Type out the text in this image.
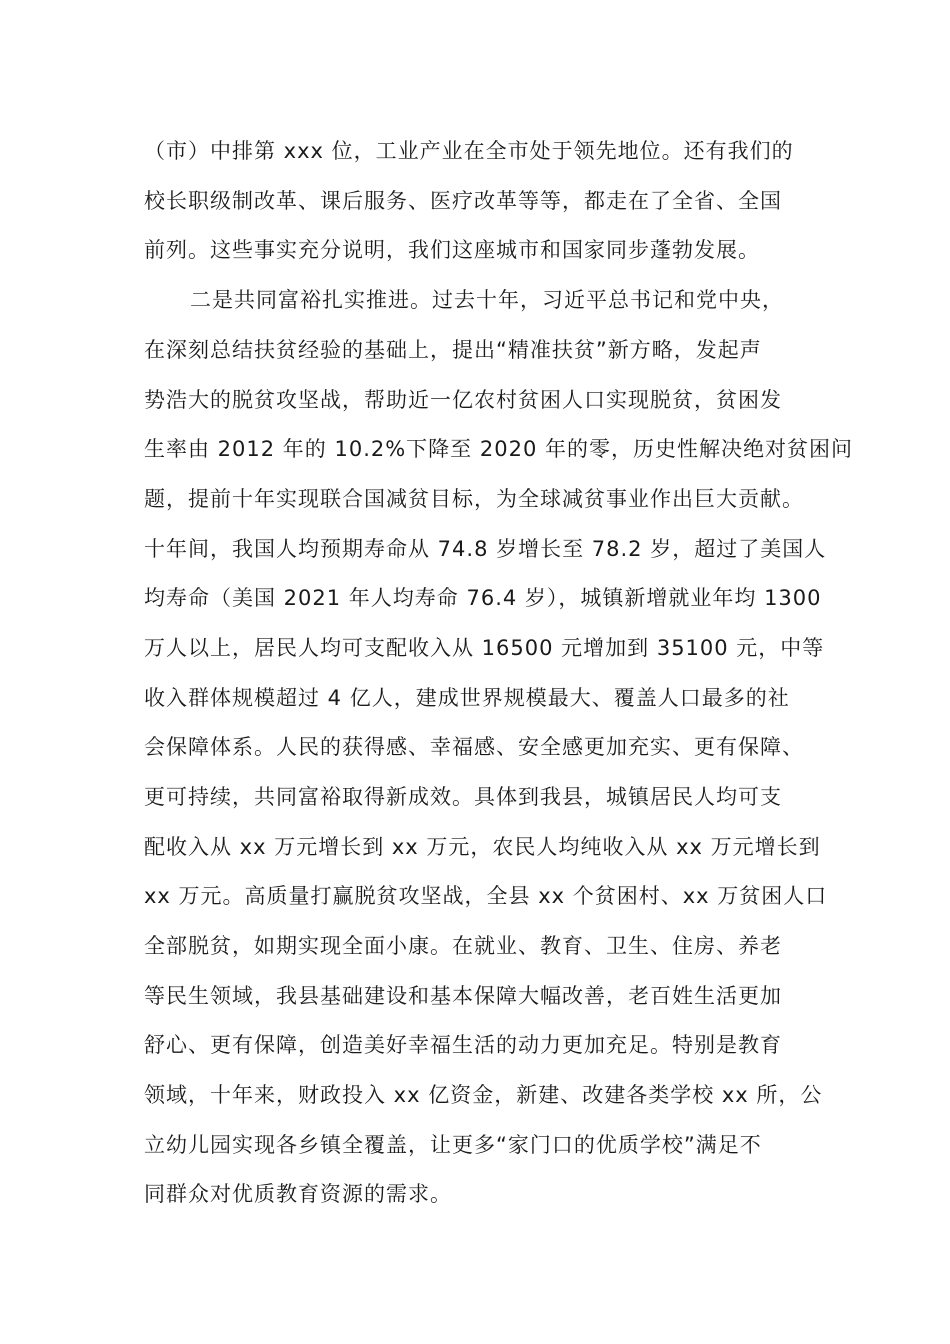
（市）中排第 xxx 位，工业产业在全市处于领先地位。还有我们的

校长职级制改革、课后服务、医疗改革等等，都走在了全省、全国

前列。这些事实充分说明，我们这座城市和国家同步蓬勃发展。

二是共同富裕扎实推进。过去十年，习近平总书记和党中央，

在深刻总结扶贫经验的基础上，提出“精准扶贫”新方略，发起声

势浩大的脱贫攻坚战，帮助近一亿农村贫困人口实现脱贫，贫困发

生率由 2012 年的 10.2%下降至 2020 年的零，历史性解决绝对贫困问

题，提前十年实现联合国减贫目标，为全球减贫事业作出巨大贡献。

十年间，我国人均预期寿命从 74.8 岁增长至 78.2 岁，超过了美国人

均寿命（美国 2021 年人均寿命 76.4 岁），城镇新增就业年均 1300

万人以上，居民人均可支配收入从 16500 元增加到 35100 元，中等

收入群体规模超过 4 亿人，建成世界规模最大、覆盖人口最多的社

会保障体系。人民的获得感、幸福感、安全感更加充实、更有保障、

更可持续，共同富裕取得新成效。具体到我县，城镇居民人均可支

配收入从 xx 万元增长到 xx 万元，农民人均纯收入从 xx 万元增长到

xx 万元。高质量打赢脱贫攻坚战，全县 xx 个贫困村、xx 万贫困人口

全部脱贫，如期实现全面小康。在就业、教育、卫生、住房、养老

等民生领域，我县基础建设和基本保障大幅改善，老百姓生活更加

舒心、更有保障，创造美好幸福生活的动力更加充足。特别是教育

领域，十年来，财政投入 xx 亿资金，新建、改建各类学校 xx 所，公

立幼儿园实现各乡镇全覆盖，让更多“家门口的优质学校”满足不

同群众对优质教育资源的需求。
